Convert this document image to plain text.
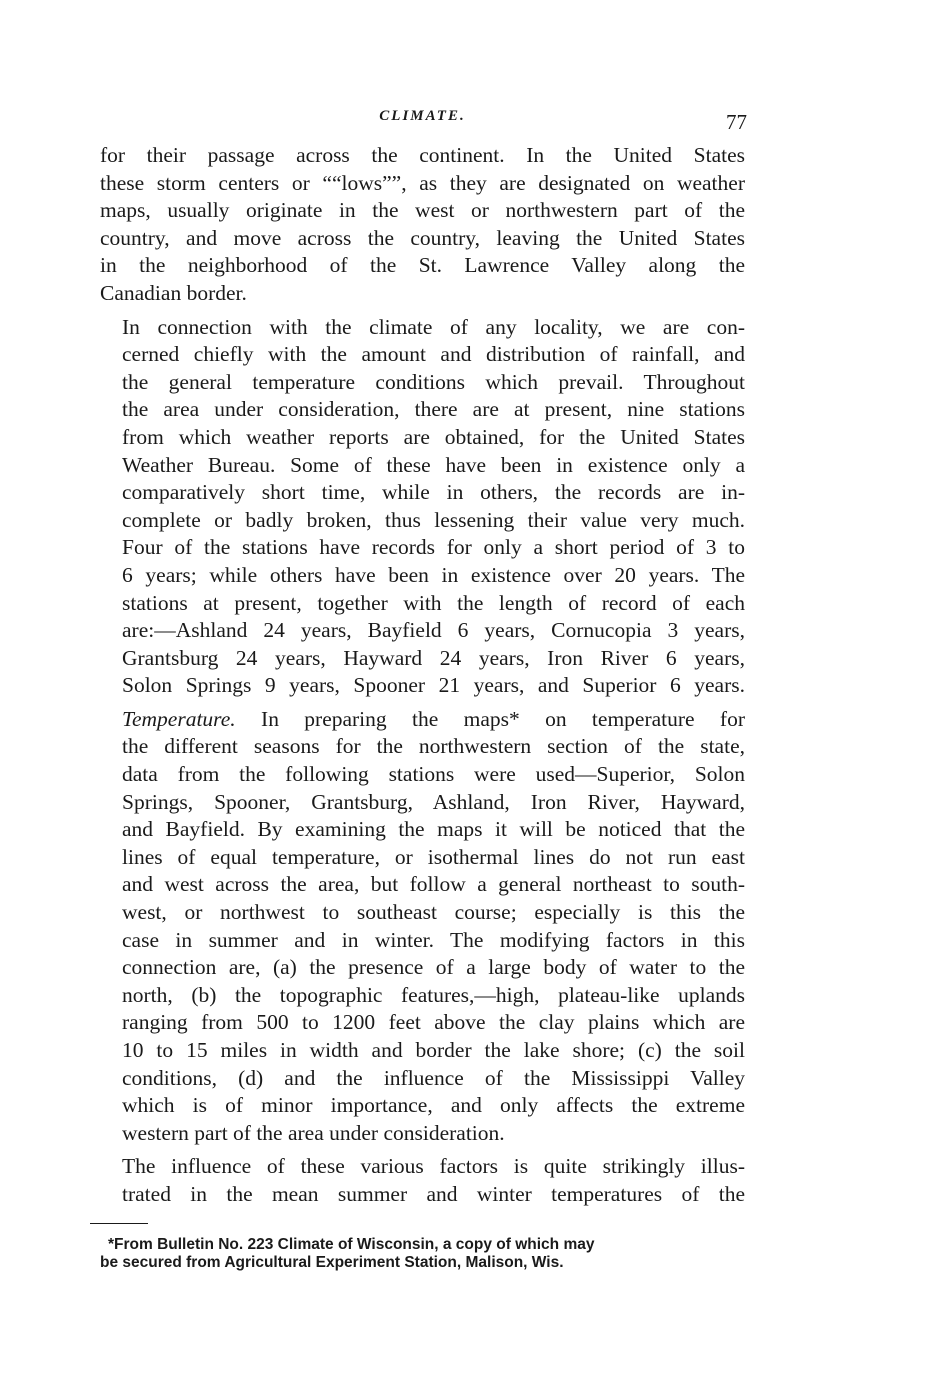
CLIMATE.	77
for their passage across the continent. In the United States
these storm centers or ““lows””, as they are designated on weather
maps, usually originate in the west or northwestern part of the
country, and move across the country, leaving the United States
in the neighborhood of the St. Lawrence Valley along the
Canadian border.
In connection with the climate of any locality, we are con-
cerned chiefly with the amount and distribution of rainfall, and
the general temperature conditions which prevail. Throughout
the area under consideration, there are at present, nine stations
from which weather reports are obtained, for the United States
Weather Bureau. Some of these have been in existence only a
comparatively short time, while in others, the records are in-
complete or badly broken, thus lessening their value very much.
Four of the stations have records for only a short period of 3 to
6 years; while others have been in existence over 20 years. The
stations at present, together with the length of record of each
are:—Ashland 24 years, Bayfield 6 years, Cornucopia 3 years,
Grantsburg 24 years, Hayward 24 years, Iron River 6 years,
Solon Springs 9 years, Spooner 21 years, and Superior 6 years.
Temperature. In preparing the maps* on temperature for
the different seasons for the northwestern section of the state,
data from the following stations were used—Superior, Solon
Springs, Spooner, Grantsburg, Ashland, Iron River, Hayward,
and Bayfield. By examining the maps it will be noticed that the
lines of equal temperature, or isothermal lines do not run east
and west across the area, but follow a general northeast to south-
west, or northwest to southeast course; especially is this the
case in summer and in winter. The modifying factors in this
connection are, (a) the presence of a large body of water to the
north, (b) the topographic features,—high, plateau-like uplands
ranging from 500 to 1200 feet above the clay plains which are
10 to 15 miles in width and border the lake shore; (c) the soil
conditions, (d) and the influence of the Mississippi Valley
which is of minor importance, and only affects the extreme
western part of the area under consideration.
The influence of these various factors is quite strikingly illus-
trated in the mean summer and winter temperatures of the
*From Bulletin No. 223 Climate of Wisconsin, a copy of which may
be secured from Agricultural Experiment Station, Malison, Wis.
